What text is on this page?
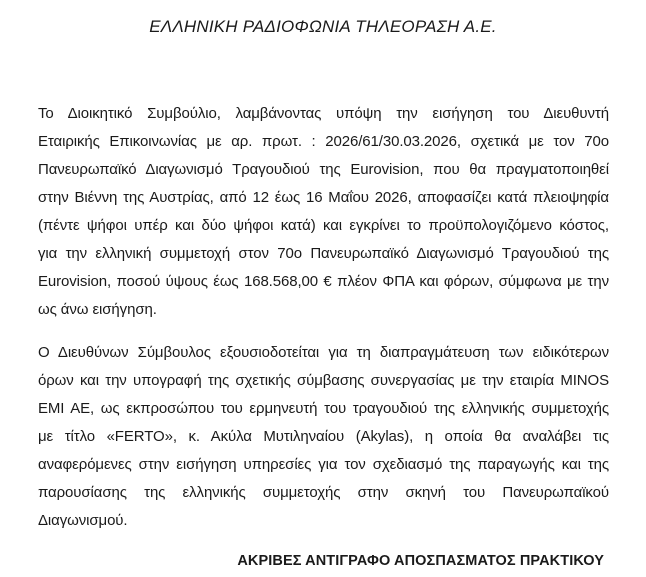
ΕΛΛΗΝΙΚΗ ΡΑΔΙΟΦΩΝΙΑ ΤΗΛΕΟΡΑΣΗ Α.Ε.
Το Διοικητικό Συμβούλιο, λαμβάνοντας υπόψη την εισήγηση του Διευθυντή
Εταιρικής Επικοινωνίας με αρ. πρωτ. : 2026/61/30.03.2026, σχετικά με τον 70ο
Πανευρωπαϊκό Διαγωνισμό Τραγουδιού της Eurovision, που θα πραγματοποιηθεί
στην Βιέννη της Αυστρίας, από 12 έως 16 Μαΐου 2026, αποφασίζει κατά πλειοψηφία
(πέντε ψήφοι υπέρ και δύο ψήφοι κατά) και εγκρίνει το προϋπολογιζόμενο κόστος,
για την ελληνική συμμετοχή στον 70ο Πανευρωπαϊκό Διαγωνισμό Τραγουδιού της
Eurovision, ποσού ύψους έως 168.568,00 € πλέον ΦΠΑ και φόρων, σύμφωνα με την
ως άνω εισήγηση.
Ο Διευθύνων Σύμβουλος εξουσιοδοτείται για τη διαπραγμάτευση των ειδικότερων
όρων και την υπογραφή της σχετικής σύμβασης συνεργασίας με την εταιρία MINOS
EMI AE, ως εκπροσώπου του ερμηνευτή του τραγουδιού της ελληνικής συμμετοχής
με τίτλο «FERTO», κ. Ακύλα Μυτιληναίου (Akylas), η οποία θα αναλάβει τις
αναφερόμενες στην εισήγηση υπηρεσίες για τον σχεδιασμό της παραγωγής και της
παρουσίασης της ελληνικής συμμετοχής στην σκηνή του Πανευρωπαϊκού
Διαγωνισμού.
ΑΚΡΙΒΕΣ ΑΝΤΙΓΡΑΦΟ ΑΠΟΣΠΑΣΜΑΤΟΣ ΠΡΑΚΤΙΚΟΥ
